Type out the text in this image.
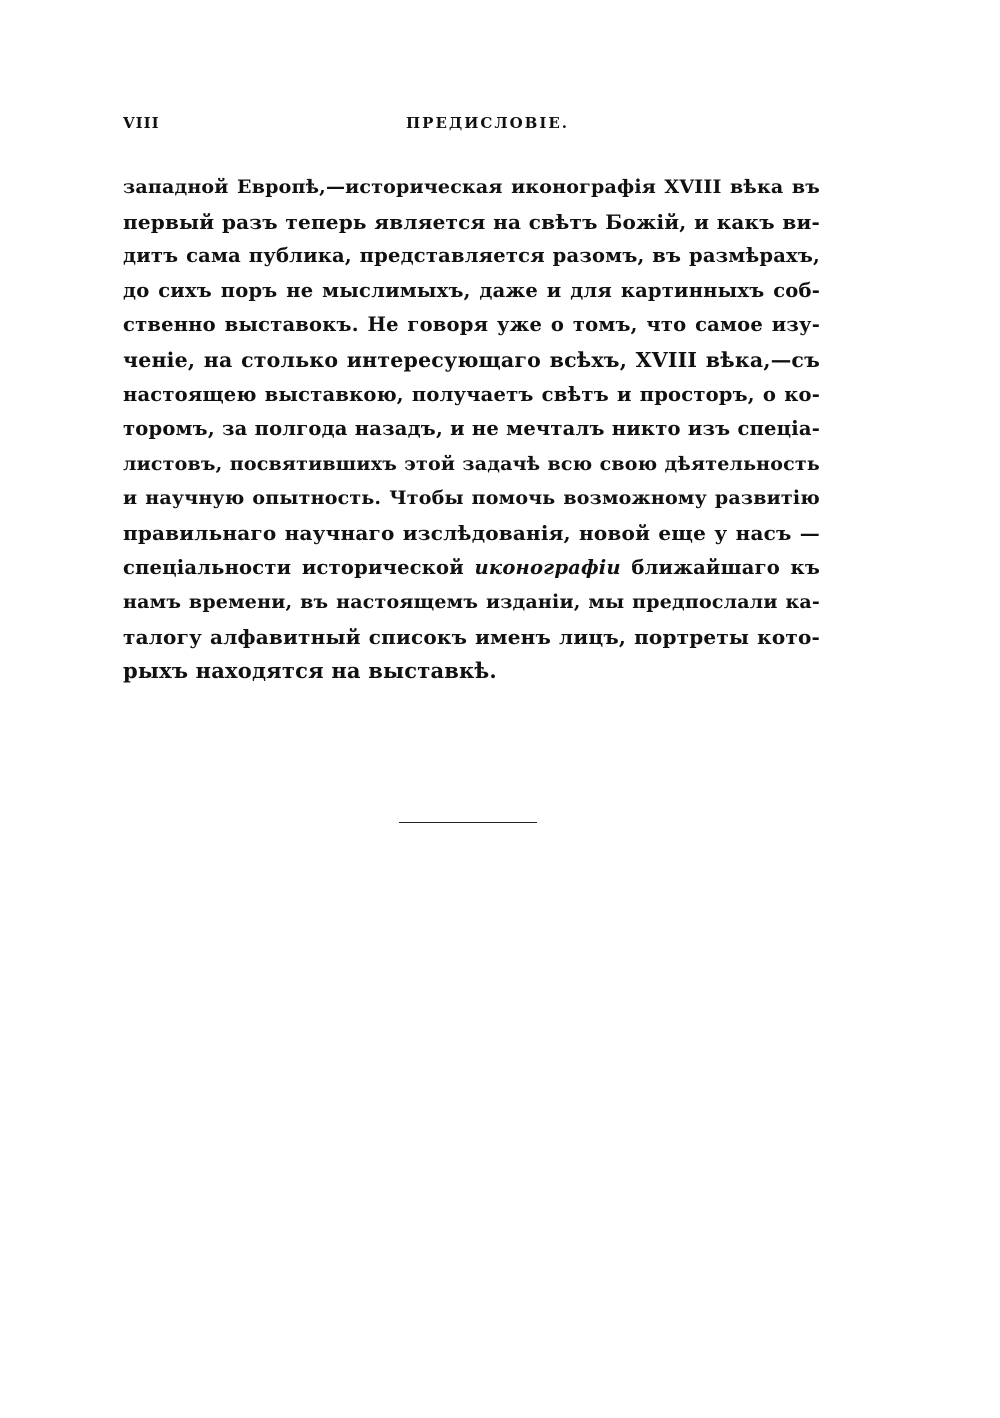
VIII	ПРЕДИСЛОВІЕ.
западной Европѣ,—историческая иконографія XVIII вѣка въ
первый разъ теперь является на свѣтъ Божій, и какъ ви-
дитъ сама публика, представляется разомъ, въ размѣрахъ,
до сихъ поръ не мыслимыхъ, даже и для картинныхъ соб-
ственно выставокъ. Не говоря уже о томъ, что самое изу-
ченіе, на столько интересующаго всѣхъ, XVIII вѣка,—съ
настоящею выставкою, получаетъ свѣтъ и просторъ, о ко-
торомъ, за полгода назадъ, и не мечталъ никто изъ спеціа-
листовъ, посвятившихъ этой задачѣ всю свою дѣятельность
и научную опытность. Чтобы помочь возможному развитію
правильнаго научнаго изслѣдованія, новой еще у насъ —
спеціальности исторической иконографіи ближайшаго къ
намъ времени, въ настоящемъ изданіи, мы предпослали ка-
талогу алфавитный списокъ именъ лицъ, портреты кото-
рыхъ находятся на выставкѣ.
